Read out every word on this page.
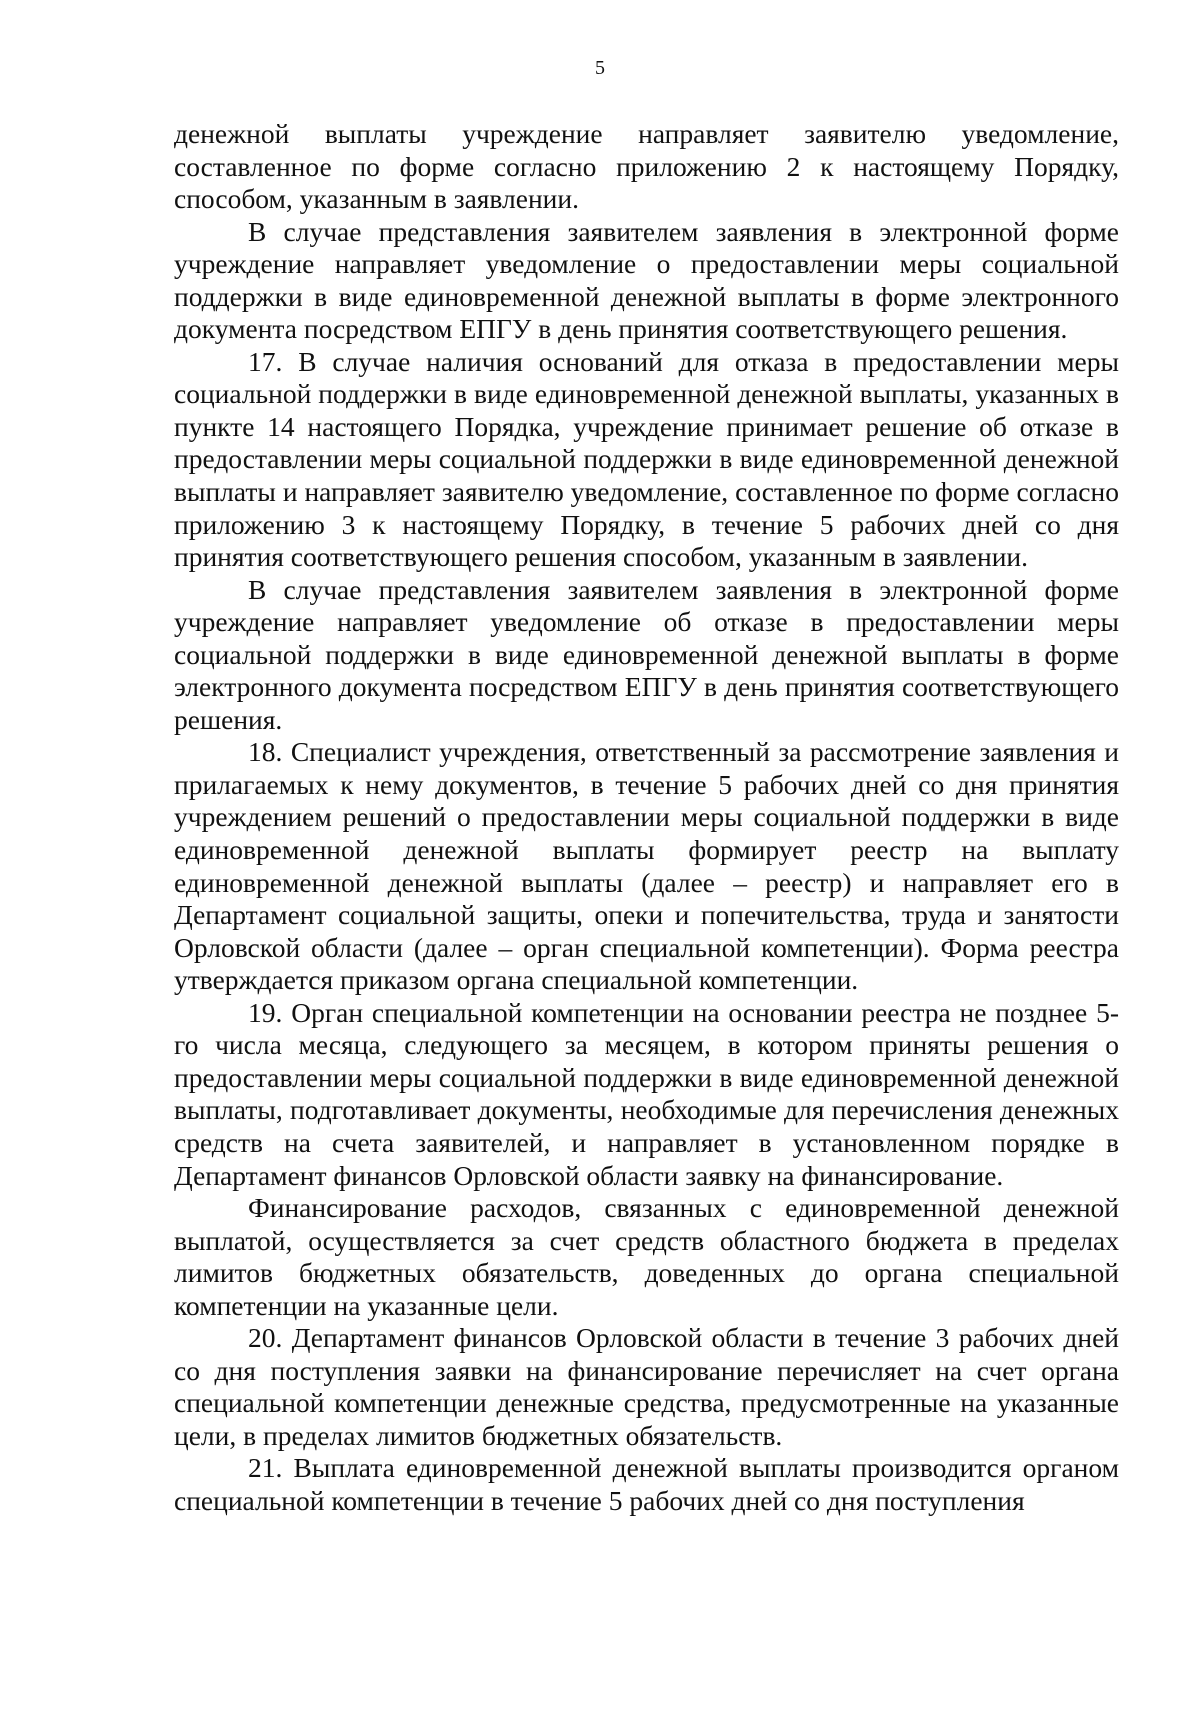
5

денежной выплаты учреждение направляет заявителю уведомление, составленное по форме согласно приложению 2 к настоящему Порядку, способом, указанным в заявлении.

В случае представления заявителем заявления в электронной форме учреждение направляет уведомление о предоставлении меры социальной поддержки в виде единовременной денежной выплаты в форме электронного документа посредством ЕПГУ в день принятия соответствующего решения.

17. В случае наличия оснований для отказа в предоставлении меры социальной поддержки в виде единовременной денежной выплаты, указанных в пункте 14 настоящего Порядка, учреждение принимает решение об отказе в предоставлении меры социальной поддержки в виде единовременной денежной выплаты и направляет заявителю уведомление, составленное по форме согласно приложению 3 к настоящему Порядку, в течение 5 рабочих дней со дня принятия соответствующего решения способом, указанным в заявлении.

В случае представления заявителем заявления в электронной форме учреждение направляет уведомление об отказе в предоставлении меры социальной поддержки в виде единовременной денежной выплаты в форме электронного документа посредством ЕПГУ в день принятия соответствующего решения.

18. Специалист учреждения, ответственный за рассмотрение заявления и прилагаемых к нему документов, в течение 5 рабочих дней со дня принятия учреждением решений о предоставлении меры социальной поддержки в виде единовременной денежной выплаты формирует реестр на выплату единовременной денежной выплаты (далее – реестр) и направляет его в Департамент социальной защиты, опеки и попечительства, труда и занятости Орловской области (далее – орган специальной компетенции). Форма реестра утверждается приказом органа специальной компетенции.

19. Орган специальной компетенции на основании реестра не позднее 5-го числа месяца, следующего за месяцем, в котором приняты решения о предоставлении меры социальной поддержки в виде единовременной денежной выплаты, подготавливает документы, необходимые для перечисления денежных средств на счета заявителей, и направляет в установленном порядке в Департамент финансов Орловской области заявку на финансирование.

Финансирование расходов, связанных с единовременной денежной выплатой, осуществляется за счет средств областного бюджета в пределах лимитов бюджетных обязательств, доведенных до органа специальной компетенции на указанные цели.

20. Департамент финансов Орловской области в течение 3 рабочих дней со дня поступления заявки на финансирование перечисляет на счет органа специальной компетенции денежные средства, предусмотренные на указанные цели, в пределах лимитов бюджетных обязательств.

21. Выплата единовременной денежной выплаты производится органом специальной компетенции в течение 5 рабочих дней со дня поступления
